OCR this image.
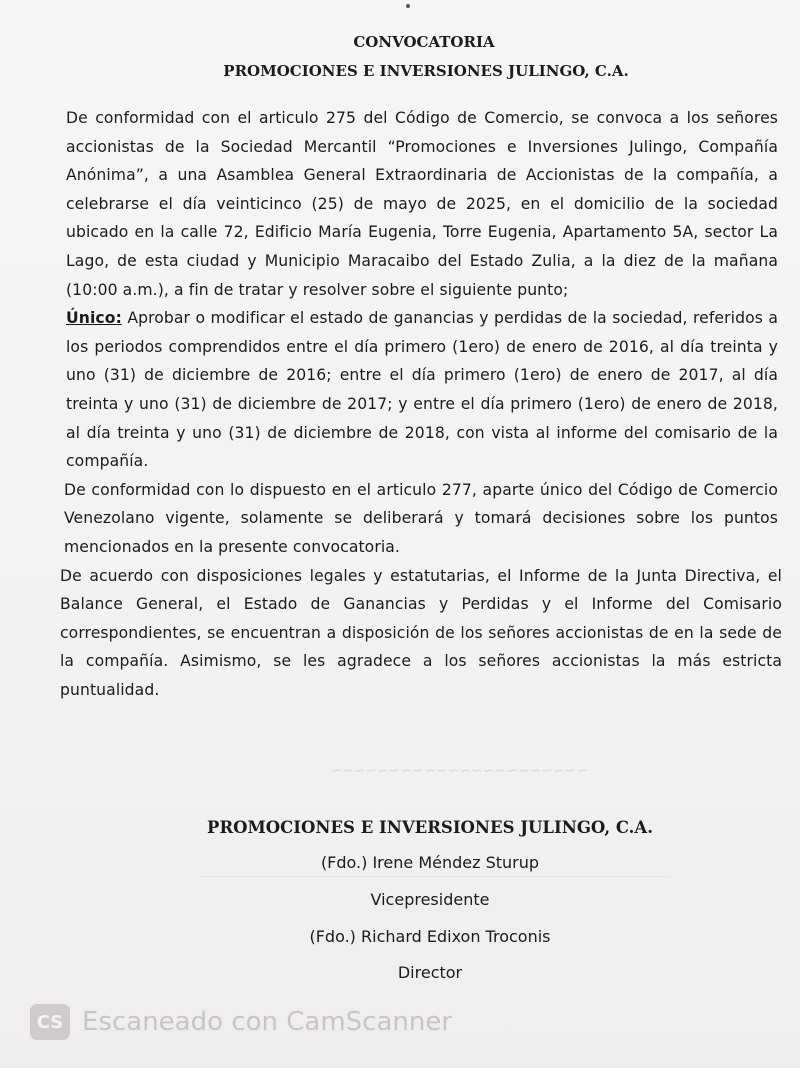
CONVOCATORIA
PROMOCIONES E INVERSIONES JULINGO, C.A.

De conformidad con el articulo 275 del Código de Comercio, se convoca a los señores accionistas de la Sociedad Mercantil “Promociones e Inversiones Julingo, Compañía Anónima”, a una Asamblea General Extraordinaria de Accionistas de la compañía, a celebrarse el día veinticinco (25) de mayo de 2025, en el domicilio de la sociedad ubicado en la calle 72, Edificio María Eugenia, Torre Eugenia, Apartamento 5A, sector La Lago, de esta ciudad y Municipio Maracaibo del Estado Zulia, a la diez de la mañana (10:00 a.m.), a fin de tratar y resolver sobre el siguiente punto;

Único: Aprobar o modificar el estado de ganancias y perdidas de la sociedad, referidos a los periodos comprendidos entre el día primero (1ero) de enero de 2016, al día treinta y uno (31) de diciembre de 2016; entre el día primero (1ero) de enero de 2017, al día treinta y uno (31) de diciembre de 2017; y entre el día primero (1ero) de enero de 2018, al día treinta y uno (31) de diciembre de 2018, con vista al informe del comisario de la compañía.

De conformidad con lo dispuesto en el articulo 277, aparte único del Código de Comercio Venezolano vigente, solamente se deliberará y tomará decisiones sobre los puntos mencionados en la presente convocatoria.

De acuerdo con disposiciones legales y estatutarias, el Informe de la Junta Directiva, el Balance General, el Estado de Ganancias y Perdidas y el Informe del Comisario correspondientes, se encuentran a disposición de los señores accionistas de en la sede de la compañía. Asimismo, se les agradece a los señores accionistas la más estricta puntualidad.

~~~~~~~~~~~~~~~~~~~~~~
PROMOCIONES E INVERSIONES JULINGO, C.A.
(Fdo.) Irene Méndez Sturup
Vicepresidente
(Fdo.) Richard Edixon Troconis
Director
CS Escaneado con CamScanner
